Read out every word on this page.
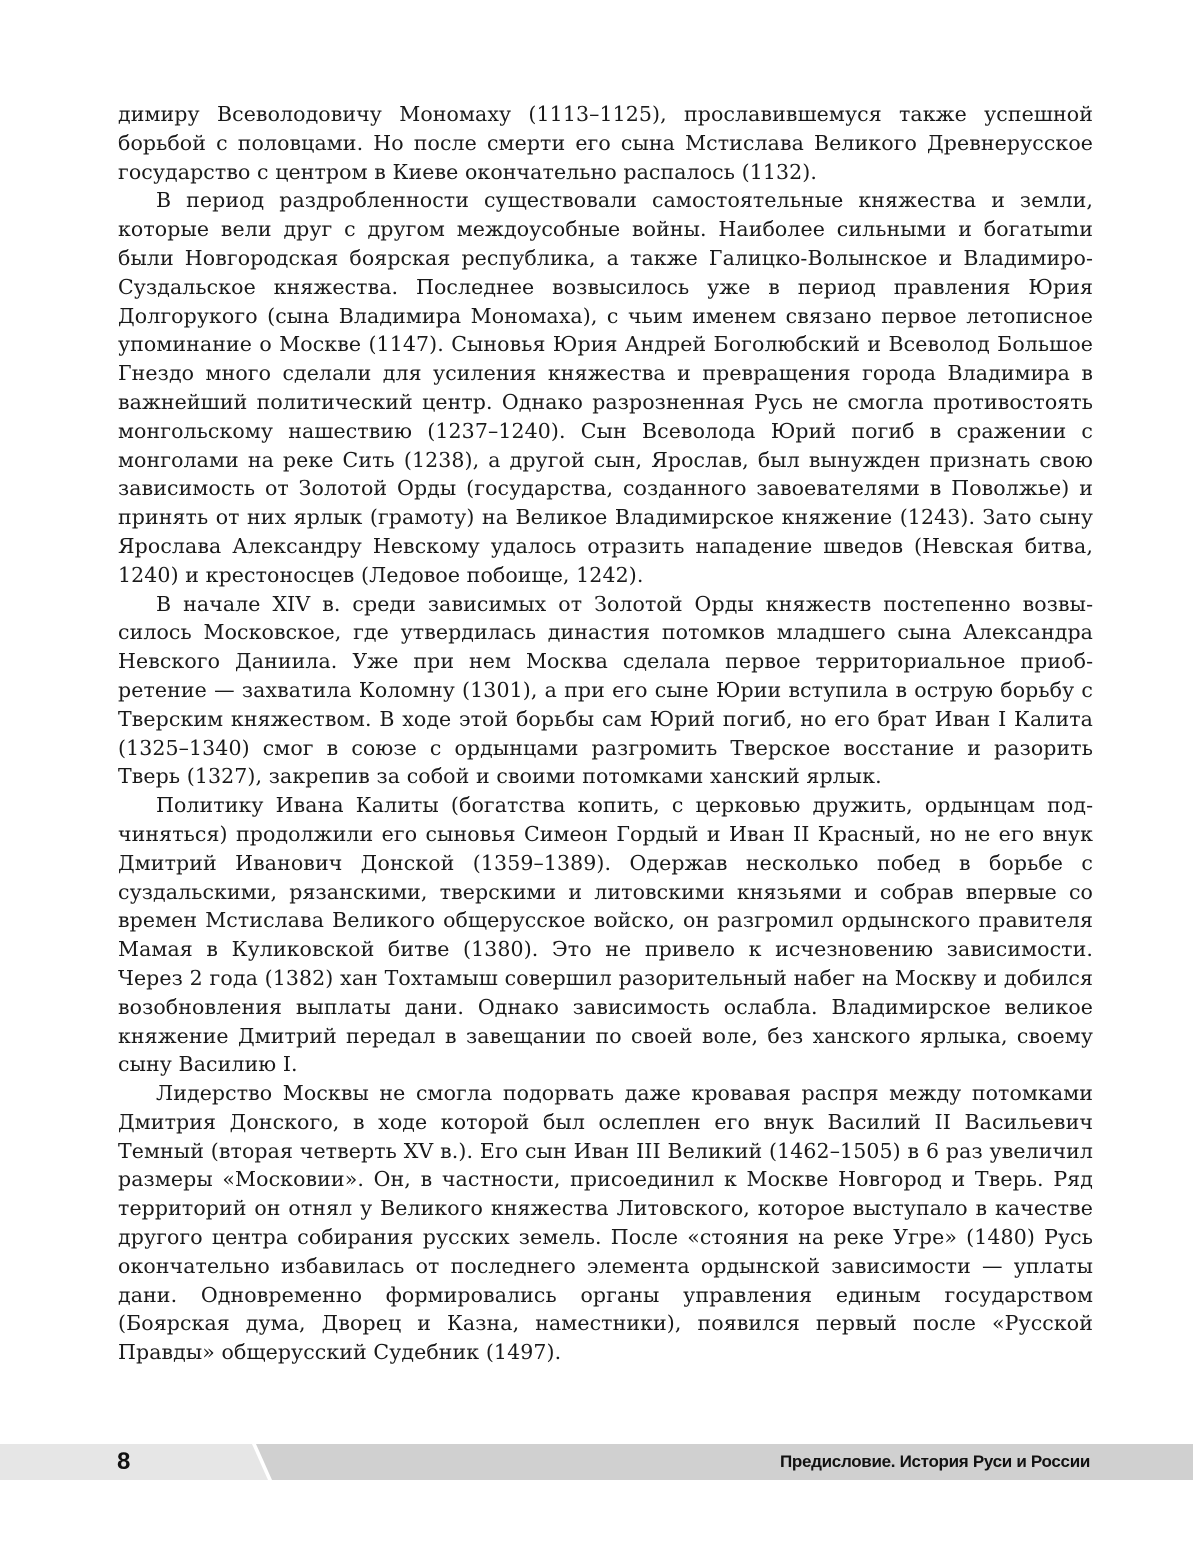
димиру Всеволодовичу Мономаху (1113–1125), прославившемуся также успешной борьбой с половцами. Но после смерти его сына Мстислава Великого Древнерусское государство с центром в Киеве окончательно распалось (1132).

В период раздробленности существовали самостоятельные княжества и земли, которые вели друг с другом междоусобные войны. Наиболее сильными и богатыmи были Новгородская боярская республика, а также Галицко-Волынское и Владимиро-Суздальское княжества. Последнее возвысилось уже в период правления Юрия Долгорукого (сына Владимира Мономаха), с чьим именем связано первое летописное упоминание о Москве (1147). Сыновья Юрия Андрей Боголюбский и Всеволод Большое Гнездо много сделали для усиления княжества и превращения города Владимира в важнейший политический центр. Однако разрозненная Русь не смогла противостоять монгольскому нашествию (1237–1240). Сын Всеволода Юрий погиб в сражении с монголами на реке Сить (1238), а другой сын, Ярослав, был вынужден признать свою зависимость от Золотой Орды (государства, созданного завоевателями в Поволжье) и принять от них ярлык (грамоту) на Великое Владимирское княжение (1243). Зато сыну Ярослава Александру Невскому удалось отразить нападение шведов (Невская битва, 1240) и крестоносцев (Ледовое побоище, 1242).

В начале XIV в. среди зависимых от Золотой Орды княжеств постепенно возвысилось Московское, где утвердилась династия потомков младшего сына Александра Невского Даниила. Уже при нем Москва сделала первое территориальное приобретение — захватила Коломну (1301), а при его сыне Юрии вступила в острую борьбу с Тверским княжеством. В ходе этой борьбы сам Юрий погиб, но его брат Иван I Калита (1325–1340) смог в союзе с ордынцами разгромить Тверское восстание и разорить Тверь (1327), закрепив за собой и своими потомками ханский ярлык.

Политику Ивана Калиты (богатства копить, с церковью дружить, ордынцам подчиняться) продолжили его сыновья Симеон Гордый и Иван II Красный, но не его внук Дмитрий Иванович Донской (1359–1389). Одержав несколько побед в борьбе с суздальскими, рязанскими, тверскими и литовскими князьями и собрав впервые со времен Мстислава Великого общерусское войско, он разгромил ордынского правителя Мамая в Куликовской битве (1380). Это не привело к исчезновению зависимости. Через 2 года (1382) хан Тохтамыш совершил разорительный набег на Москву и добился возобновления выплаты дани. Однако зависимость ослабла. Владимирское великое княжение Дмитрий передал в завещании по своей воле, без ханского ярлыка, своему сыну Василию I.

Лидерство Москвы не смогла подорвать даже кровавая распря между потомками Дмитрия Донского, в ходе которой был ослеплен его внук Василий II Васильевич Темный (вторая четверть XV в.). Его сын Иван III Великий (1462–1505) в 6 раз увеличил размеры «Московии». Он, в частности, присоединил к Москве Новгород и Тверь. Ряд территорий он отнял у Великого княжества Литовского, которое выступало в качестве другого центра собирания русских земель. После «стояния на реке Угре» (1480) Русь окончательно избавилась от последнего элемента ордынской зависимости — уплаты дани. Одновременно формировались органы управления единым государством (Боярская дума, Дворец и Казна, наместники), появился первый после «Русской Правды» общерусский Судебник (1497).

8	Предисловие. История Руси и России
